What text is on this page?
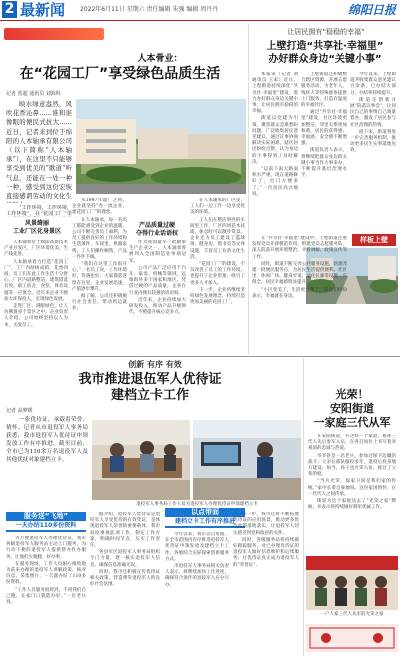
2 最新闻 2022年6月11日 星期六 责任编辑 朱强 编辑 周丹丹	绵阳日报
人本骨业：
在“花园工厂”享受绿色品质生活
记者 贺超 通讯员 刘海科

映水绿意盎然，风吹花香沁鼻……谁和谁像眼的便民式抗大……近日，记者来到位于绵阳的人本轴承有限公司（以下简称“人本轴承”），在这里不只能够享受到优美的“歌道”听气息，还能在一处一种一种，感受到这份宏恢直接感谓劳动的文化生

“工作环境，工作环境，工作环境”，在“花园工厂”里

风景绮丽
工业厂区化身景区

人本轴承位于绵阳高新技术产业开发区，厂区环境优美、生产线先进。

人本轴承着力打造“花园工厂”，工厂内绿树成荫、花香四溢，员工们在此工作生活十分舒心。厂区内道路整洁，建筑错落有致。职工宿舍、食堂、体育设施等一应俱全。近年来企业不断加大环保投入，实现绿色发展。

走进厂区，满眼绿色，让人仿佛置身于景区之中。企业负责人介绍，公司始终坚持以人为本，关爱员工。

从1997年建厂之初，企业就坚持“办一流企业、建花园工厂”的理念。

在人本轴承，每一名员工都能感受到企业的温暖。公司不断完善员工福利，为员工提供良好的工作环境和生活条件。车间里，机器轰鸣，工人们操作娴熟，产品一件件下线。

“我们在这里工作很开心。”一名员工说，工作环境好，待遇也好，大家都愿意留在这里。企业发展迅速，产值逐年攀升。

据了解，公司还积极履行社会责任，带动周边就业。

产品质量过硬
夺得行业话语权

作为我国最早一批轴承生产企业之一，人本轴承曾被列入全国制造业单项冠军。

公司产品广泛应用于汽车、家电、机械等领域，远销海外多个国家和地区。凭借过硬的产品质量，企业在行业内拥有较强的话语权。

近年来，企业持续加大研发投入，推动产品升级换代，不断提升核心竞争力。

在人本轴承的厂区里，工人们一边工作一边享受优美的环境。

工人们在整洁明亮的车间里工作，厂区四周花木扶疏，休息时可以散步赏景。企业还为员工建设了篮球场、健身房、图书室等文体设施，丰富员工业余文化生活。

“花园工厂”的建设，不仅改善了员工的工作环境，也提升了企业形象，吸引了更多人才加入。

下一步，企业将继续坚持绿色发展理念，持续打造更加美丽的花园工厂。

让居民拥有“稳稳的幸福”
上壁打造“共享社·幸福里”
办好群众身边“关键小事”

本报讯（记者 刘 通讯员 王家）近日，上壁街道持续深化“共享社·幸福里”建设，着力办好群众身边关键小事，让居民拥有稳稳的幸福。

街道以党建为引领，聚焦群众急难愁盼问题，广泛收集居民意见建议，通过议事协商解决实际困难。辖区居民纷纷点赞，认为身边的小事得到了及时解决。

“以前下雨天路面积水严重，现在道路修好了，出门方便多了。”一位居民高兴地说。

上壁街道还积极整合辖区资源，开展志愿服务活动，为老年人、残疾人等特殊群体提供上门服务，打造有温度的幸福社区。

通过“共享社·幸福里”建设，社区环境更加整洁，邻里关系更加和谐，居民的获得感、幸福感、安全感不断增强。

街道负责人表示，将继续把群众身边的关键小事当作大事来办，不断提升基层治理水平。

今年以来，上壁街道共收集群众意见建议百余条，已办结大部分，办结率持续提升。

街道还创新开展“院落议事会”，让居民自己的事情自己商量着办，激发了居民参与社区治理的热情。

接下来，街道将进一步完善服务机制，推动更多民生实事落地见效。

样板上壁

在“共享社·幸福里”建设中，上壁街道注重发挥党员先锋模范作用，组建党员志愿服务队，深入院落开展环境整治、矛盾调解、政策宣传等工作。

同时，街道不断完善公共服务设施，新建改建一批便民服务点，为居民生活提供便利。社区里，休闲广场、健身步道、文化长廊等设施一应俱全，居民幸福感明显提升。

“小区变美了，生活更方便了。”居民们纷纷表示，幸福就在身边。

创新 有序 有效
我市推进退伍军人优待证
建档立卡工作
记者 高梦媛

一张优待证，承载着荣誉、情怀。记者从市退役军人事务局获悉，我市退役军人优待证申领发放工作有序推进，截至目前，全市已为110余万名退役军人及其他优抚对象建档立卡。

退役军人事务局工作人员为退役军人办理优待证申领建档立卡
服务送“飞地”
一天办结110多份资料

为方便退役军人办理优待证，我市各级退役军人服务站主动上门服务，为行动不便的退役军人提供帮办代办服务，让他们少跑腿、好办事。

在服务现场，工作人员耐心细致地为前来办理的退役军人讲解政策、核对信息、采集照片，一天就办结了110多份资料。

“工作人员服务很周到，不用我们自己跑，在家门口就能办好。”一位老兵说。

据介绍，退役军人优待证是退役军人享受优待的有效凭证，是体现退役军人荣誉的重要载体。我市高度重视此项工作，制定工作方案，明确时间节点，压实工作责任。

各县市区退役军人事务局组织专门力量，逐一核实退役军人信息，确保信息准确无误。

同时，我市还积极宣传优待证相关政策，营造尊崇退役军人的良好社会氛围。

以点带面
建档立卡工作有序推进

今年以来，我市以点带面，在全市范围内有序推进退役军人优待证申领发放及建档立卡工作，各地结合实际探索创新服务方式。

市退役军人事务局相关负责人表示，将继续加快工作进度，确保符合条件的退役军人应办尽办。

下一步，我市还将不断拓展优待证的应用场景，推动更多优待政策落地落实，让退役军人切实感受到党和政府的关怀。

同时，各级服务站将持续做好跟踪服务，对已办理优待证的退役军人做好信息维护和后续服务，让优待证真正成为退役军人的“荣誉证”。

光荣！
安阳街道
一家庭三代从军

在安阳街道，有这样一个家庭，祖孙三代人先后参军入伍，在各自岗位上书写着对祖国的忠诚与热爱。

爷爷曾是一名老兵，参加过保卫边疆的战斗；父亲在部队服役多年，退役后投身地方建设；如今，孙子也光荣入伍，接过了父辈的枪。

“当兵光荣，保家卫国是我们家的传统。”家中长辈自豪地说。这份家国情怀，在一代代人之间传承。

街道为这个家庭送去了“光荣之家”牌匾，并表示将持续做好拥军优属工作。

一户人家三代人从军的光荣之家
